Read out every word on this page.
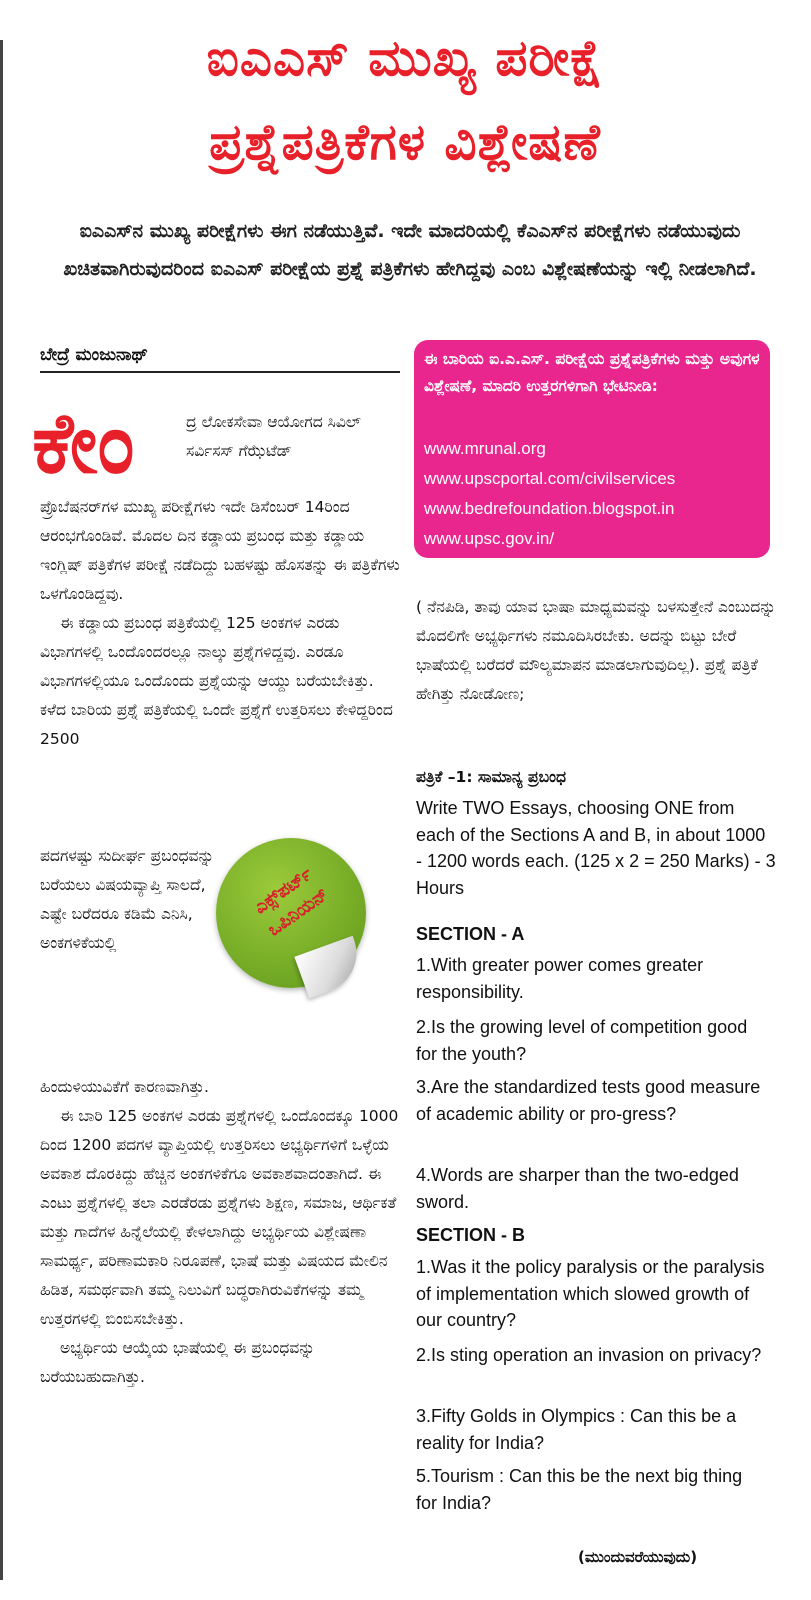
ಐಎಎಸ್ ಮುಖ್ಯ ಪರೀಕ್ಷೆ
ಪ್ರಶ್ನೆಪತ್ರಿಕೆಗಳ ವಿಶ್ಲೇಷಣೆ
ಐಎಎಸ್‌ನ ಮುಖ್ಯ ಪರೀಕ್ಷೆಗಳು ಈಗ ನಡೆಯುತ್ತಿವೆ. ಇದೇ ಮಾದರಿಯಲ್ಲಿ ಕೆಎಎಸ್‌ನ ಪರೀಕ್ಷೆಗಳು ನಡೆಯುವುದು ಖಚಿತವಾಗಿರುವುದರಿಂದ ಐಎಎಸ್ ಪರೀಕ್ಷೆಯ ಪ್ರಶ್ನೆ ಪತ್ರಿಕೆಗಳು ಹೇಗಿದ್ದವು ಎಂಬ ವಿಶ್ಲೇಷಣೆಯನ್ನು ಇಲ್ಲಿ ನೀಡಲಾಗಿದೆ.
ಬೇದ್ರೆ ಮಂಜುನಾಥ್
ಕೇಂ	ದ್ರ ಲೋಕಸೇವಾ ಆಯೋಗದ ಸಿವಿಲ್ ಸರ್ವಿಸಸ್ ಗೆಝೆಟೆಡ್
ಪ್ರೊಬೆಷನರ್‌ಗಳ ಮುಖ್ಯ ಪರೀಕ್ಷೆಗಳು ಇದೇ ಡಿಸೆಂಬರ್ 14ರಿಂದ ಆರಂಭಗೊಂಡಿವೆ. ಮೊದಲ ದಿನ ಕಡ್ಡಾಯ ಪ್ರಬಂಧ ಮತ್ತು ಕಡ್ಡಾಯ ಇಂಗ್ಲಿಷ್ ಪತ್ರಿಕೆಗಳ ಪರೀಕ್ಷೆ ನಡೆದಿದ್ದು ಬಹಳಷ್ಟು ಹೊಸತನ್ನು ಈ ಪತ್ರಿಕೆಗಳು ಒಳಗೊಂಡಿದ್ದವು.
ಈ ಕಡ್ಡಾಯ ಪ್ರಬಂಧ ಪತ್ರಿಕೆಯಲ್ಲಿ 125 ಅಂಕಗಳ ಎರಡು ವಿಭಾಗಗಳಲ್ಲಿ ಒಂದೊಂದರಲ್ಲೂ ನಾಲ್ಕು ಪ್ರಶ್ನೆಗಳಿದ್ದವು. ಎರಡೂ ವಿಭಾಗಗಳಲ್ಲಿಯೂ ಒಂದೊಂದು ಪ್ರಶ್ನೆಯನ್ನು ಆಯ್ದು ಬರೆಯಬೇಕಿತ್ತು. ಕಳೆದ ಬಾರಿಯ ಪ್ರಶ್ನೆ ಪತ್ರಿಕೆಯಲ್ಲಿ ಒಂದೇ ಪ್ರಶ್ನೆಗೆ ಉತ್ತರಿಸಲು ಕೇಳಿದ್ದರಿಂದ 2500
ಪದಗಳಷ್ಟು ಸುದೀರ್ಘ ಪ್ರಬಂಧವನ್ನು ಬರೆಯಲು ವಿಷಯವ್ಯಾಪ್ತಿ ಸಾಲದೆ, ಎಷ್ಟೇ ಬರೆದರೂ ಕಡಿಮೆ ಎನಿಸಿ, ಅಂಕಗಳಿಕೆಯಲ್ಲಿ
ಹಿಂದುಳಿಯುವಿಕೆಗೆ ಕಾರಣವಾಗಿತ್ತು.
ಈ ಬಾರಿ 125 ಅಂಕಗಳ ಎರಡು ಪ್ರಶ್ನೆಗಳಲ್ಲಿ ಒಂದೊಂದಕ್ಕೂ 1000 ದಿಂದ 1200 ಪದಗಳ ವ್ಯಾಪ್ತಿಯಲ್ಲಿ ಉತ್ತರಿಸಲು ಅಭ್ಯರ್ಥಿಗಳಿಗೆ ಒಳ್ಳೆಯ ಅವಕಾಶ ದೊರಕಿದ್ದು ಹೆಚ್ಚಿನ ಅಂಕಗಳಿಕೆಗೂ ಅವಕಾಶವಾದಂತಾಗಿದೆ. ಈ ಎಂಟು ಪ್ರಶ್ನೆಗಳಲ್ಲಿ ತಲಾ ಎರಡೆರಡು ಪ್ರಶ್ನೆಗಳು ಶಿಕ್ಷಣ, ಸಮಾಜ, ಆರ್ಥಿಕತೆ ಮತ್ತು ಗಾದೆಗಳ ಹಿನ್ನೆಲೆಯಲ್ಲಿ ಕೇಳಲಾಗಿದ್ದು ಅಭ್ಯರ್ಥಿಯ ವಿಶ್ಲೇಷಣಾ ಸಾಮರ್ಥ್ಯ, ಪರಿಣಾಮಕಾರಿ ನಿರೂಪಣೆ, ಭಾಷೆ ಮತ್ತು ವಿಷಯದ ಮೇಲಿನ ಹಿಡಿತ, ಸಮರ್ಥವಾಗಿ ತಮ್ಮ ನಿಲುವಿಗೆ ಬದ್ಧರಾಗಿರುವಿಕೆಗಳನ್ನು ತಮ್ಮ ಉತ್ತರಗಳಲ್ಲಿ ಬಿಂಬಿಸಬೇಕಿತ್ತು.
ಅಭ್ಯರ್ಥಿಯ ಆಯ್ಕೆಯ ಭಾಷೆಯಲ್ಲಿ ಈ ಪ್ರಬಂಧವನ್ನು ಬರೆಯಬಹುದಾಗಿತ್ತು.
ಎಕ್ಸ್‌ಪರ್ಟ್ ಒಪಿನಿಯನ್
ಈ ಬಾರಿಯ ಐ.ಎ.ಎಸ್. ಪರೀಕ್ಷೆಯ ಪ್ರಶ್ನೆಪತ್ರಿಕೆಗಳು ಮತ್ತು ಅವುಗಳ ವಿಶ್ಲೇಷಣೆ, ಮಾದರಿ ಉತ್ತರಗಳಿಗಾಗಿ ಭೇಟಿನೀಡಿ:
www.mrunal.org
www.upscportal.com/civilservices
www.bedrefoundation.blogspot.in
www.upsc.gov.in/
( ನೆನಪಿಡಿ, ತಾವು ಯಾವ ಭಾಷಾ ಮಾಧ್ಯಮವನ್ನು ಬಳಸುತ್ತೇನೆ ಎಂಬುದನ್ನು ಮೊದಲಿಗೇ ಅಭ್ಯರ್ಥಿಗಳು ನಮೂದಿಸಿರಬೇಕು. ಅದನ್ನು ಬಿಟ್ಟು ಬೇರೆ ಭಾಷೆಯಲ್ಲಿ ಬರೆದರೆ ಮೌಲ್ಯಮಾಪನ ಮಾಡಲಾಗುವುದಿಲ್ಲ). ಪ್ರಶ್ನೆ ಪತ್ರಿಕೆ ಹೇಗಿತ್ತು ನೋಡೋಣ;
ಪತ್ರಿಕೆ –1: ಸಾಮಾನ್ಯ ಪ್ರಬಂಧ
Write TWO Essays, choosing ONE from each of the Sections A and B, in about 1000 - 1200 words each. (125 x 2 = 250 Marks) - 3 Hours
SECTION - A
1.With greater power comes greater responsibility.
2.Is the growing level of competition good for the youth?
3.Are the standardized tests good measure of academic ability or pro-gress?
4.Words are sharper than the two-edged sword.
SECTION - B
1.Was it the policy paralysis or the paralysis of implementation which slowed growth of our country?
2.Is sting operation an invasion on privacy?
3.Fifty Golds in Olympics : Can this be a reality for India?
5.Tourism : Can this be the next big thing for India?
(ಮುಂದುವರೆಯುವುದು)
